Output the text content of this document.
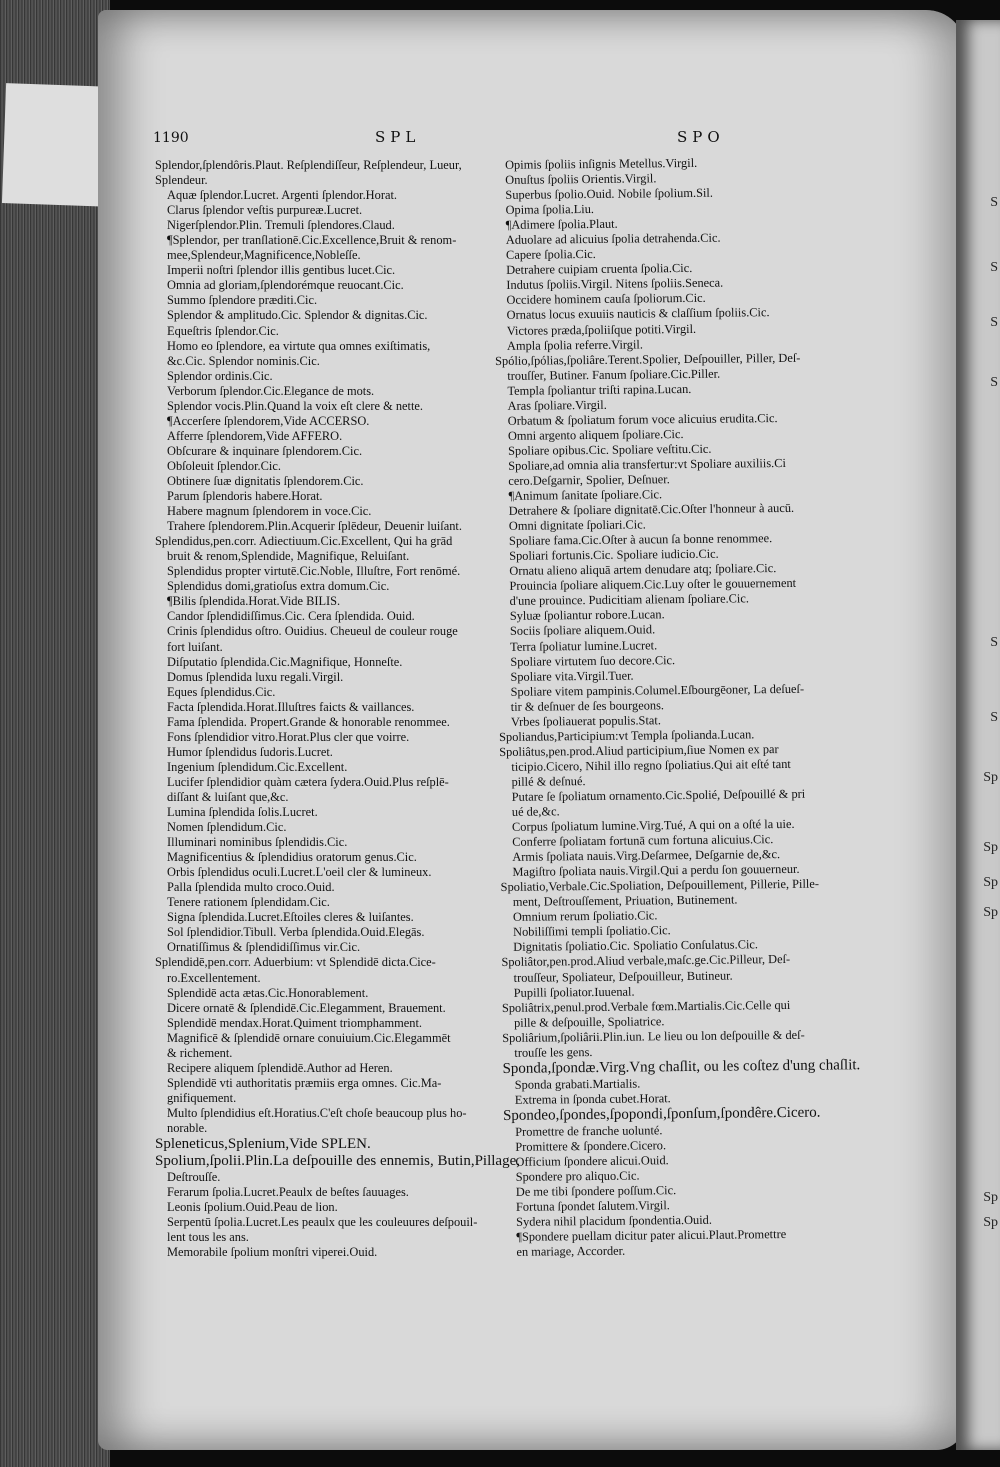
1190	SPL	SPO
Splendor,ſplendôris.Plaut. Reſplendiſſeur, Reſplendeur, Lueur,
Splendeur.
Aquæ ſplendor.Lucret. Argenti ſplendor.Horat.
Clarus ſplendor veſtis purpureæ.Lucret.
Nigerſplendor.Plin. Tremuli ſplendores.Claud.
¶Splendor, per tranſlationē.Cic.Excellence,Bruit & renom-
mee,Splendeur,Magnificence,Nobleſſe.
Imperii noſtri ſplendor illis gentibus lucet.Cic.
Omnia ad gloriam,ſplendorémque reuocant.Cic.
Summo ſplendore præditi.Cic.
Splendor & amplitudo.Cic. Splendor & dignitas.Cic.
Equeſtris ſplendor.Cic.
Homo eo ſplendore, ea virtute qua omnes exiſtimatis,
&c.Cic. Splendor nominis.Cic.
Splendor ordinis.Cic.
Verborum ſplendor.Cic.Elegance de mots.
Splendor vocis.Plin.Quand la voix eſt clere & nette.
¶Accerſere ſplendorem,Vide ACCERSO.
Afferre ſplendorem,Vide AFFERO.
Obſcurare & inquinare ſplendorem.Cic.
Obſoleuit ſplendor.Cic.
Obtinere ſuæ dignitatis ſplendorem.Cic.
Parum ſplendoris habere.Horat.
Habere magnum ſplendorem in voce.Cic.
Trahere ſplendorem.Plin.Acquerir ſplēdeur, Deuenir luiſant.
Splendidus,pen.corr. Adiectiuum.Cic.Excellent, Qui ha grād
bruit & renom,Splendide, Magnifique, Reluiſant.
Splendidus propter virtutē.Cic.Noble, Illuſtre, Fort renōmé.
Splendidus domi,gratioſus extra domum.Cic.
¶Bilis ſplendida.Horat.Vide BILIS.
Candor ſplendidiſſimus.Cic. Cera ſplendida. Ouid.
Crinis ſplendidus oſtro. Ouidius. Cheueul de couleur rouge
fort luiſant.
Diſputatio ſplendida.Cic.Magnifique, Honneſte.
Domus ſplendida luxu regali.Virgil.
Eques ſplendidus.Cic.
Facta ſplendida.Horat.Illuſtres faicts & vaillances.
Fama ſplendida. Propert.Grande & honorable renommee.
Fons ſplendidior vitro.Horat.Plus cler que voirre.
Humor ſplendidus ſudoris.Lucret.
Ingenium ſplendidum.Cic.Excellent.
Lucifer ſplendidior quàm cætera ſydera.Ouid.Plus reſplē-
diſſant & luiſant que,&c.
Lumina ſplendida ſolis.Lucret.
Nomen ſplendidum.Cic.
Illuminari nominibus ſplendidis.Cic.
Magnificentius & ſplendidius oratorum genus.Cic.
Orbis ſplendidus oculi.Lucret.L'oeil cler & lumineux.
Palla ſplendida multo croco.Ouid.
Tenere rationem ſplendidam.Cic.
Signa ſplendida.Lucret.Eſtoiles cleres & luiſantes.
Sol ſplendidior.Tibull. Verba ſplendida.Ouid.Elegās.
Ornatiſſimus & ſplendidiſſimus vir.Cic.
Splendidē,pen.corr. Aduerbium: vt Splendidē dicta.Cice-
ro.Excellentement.
Splendidē acta ætas.Cic.Honorablement.
Dicere ornatē & ſplendidē.Cic.Elegamment, Brauement.
Splendidē mendax.Horat.Quiment triomphamment.
Magnificē & ſplendidē ornare conuiuium.Cic.Elegammēt
& richement.
Recipere aliquem ſplendidē.Author ad Heren.
Splendidē vti authoritatis præmiis erga omnes. Cic.Ma-
gnifiquement.
Multo ſplendidius eſt.Horatius.C'eſt choſe beaucoup plus ho-
norable.
Spleneticus,Splenium,Vide SPLEN.
Spolium,ſpolii.Plin.La deſpouille des ennemis, Butin,Pillage,
Deſtrouſſe.
Ferarum ſpolia.Lucret.Peaulx de beſtes ſauuages.
Leonis ſpolium.Ouid.Peau de lion.
Serpentū ſpolia.Lucret.Les peaulx que les couleuures deſpouil-
lent tous les ans.
Memorabile ſpolium monſtri viperei.Ouid.
Opimis ſpoliis inſignis Metellus.Virgil.
Onuſtus ſpoliis Orientis.Virgil.
Superbus ſpolio.Ouid. Nobile ſpolium.Sil.
Opima ſpolia.Liu.
¶Adimere ſpolia.Plaut.
Aduolare ad alicuius ſpolia detrahenda.Cic.
Capere ſpolia.Cic.
Detrahere cuipiam cruenta ſpolia.Cic.
Indutus ſpoliis.Virgil. Nitens ſpoliis.Seneca.
Occidere hominem cauſa ſpoliorum.Cic.
Ornatus locus exuuiis nauticis & claſſium ſpoliis.Cic.
Victores præda,ſpoliiſque potiti.Virgil.
Ampla ſpolia referre.Virgil.
Spólio,ſpólias,ſpoliâre.Terent.Spolier, Deſpouiller, Piller, Deſ-
trouſſer, Butiner. Fanum ſpoliare.Cic.Piller.
Templa ſpoliantur triſti rapina.Lucan.
Aras ſpoliare.Virgil.
Orbatum & ſpoliatum forum voce alicuius erudita.Cic.
Omni argento aliquem ſpoliare.Cic.
Spoliare opibus.Cic. Spoliare veſtitu.Cic.
Spoliare,ad omnia alia transfertur:vt Spoliare auxiliis.Ci
cero.Deſgarnir, Spolier, Deſnuer.
¶Animum ſanitate ſpoliare.Cic.
Detrahere & ſpoliare dignitatē.Cic.Oſter l'honneur à aucū.
Omni dignitate ſpoliari.Cic.
Spoliare fama.Cic.Oſter à aucun ſa bonne renommee.
Spoliari fortunis.Cic. Spoliare iudicio.Cic.
Ornatu alieno aliquā artem denudare atq; ſpoliare.Cic.
Prouincia ſpoliare aliquem.Cic.Luy oſter le gouuernement
d'une prouince. Pudicitiam alienam ſpoliare.Cic.
Syluæ ſpoliantur robore.Lucan.
Sociis ſpoliare aliquem.Ouid.
Terra ſpoliatur lumine.Lucret.
Spoliare virtutem ſuo decore.Cic.
Spoliare vita.Virgil.Tuer.
Spoliare vitem pampinis.Columel.Eſbourgēoner, La deſueſ-
tir & deſnuer de ſes bourgeons.
Vrbes ſpoliauerat populis.Stat.
Spoliandus,Participium:vt Templa ſpolianda.Lucan.
Spoliâtus,pen.prod.Aliud participium,ſiue Nomen ex par
ticipio.Cicero, Nihil illo regno ſpoliatius.Qui ait eſté tant
pillé & deſnué.
Putare ſe ſpoliatum ornamento.Cic.Spolié, Deſpouillé & pri
ué de,&c.
Corpus ſpoliatum lumine.Virg.Tué, A qui on a oſté la uie.
Conferre ſpoliatam fortunā cum fortuna alicuius.Cic.
Armis ſpoliata nauis.Virg.Deſarmee, Deſgarnie de,&c.
Magiſtro ſpoliata nauis.Virgil.Qui a perdu ſon gouuerneur.
Spoliatio,Verbale.Cic.Spoliation, Deſpouillement, Pillerie, Pille-
ment, Deſtrouſſement, Priuation, Butinement.
Omnium rerum ſpoliatio.Cic.
Nobiliſſimi templi ſpoliatio.Cic.
Dignitatis ſpoliatio.Cic. Spoliatio Conſulatus.Cic.
Spoliâtor,pen.prod.Aliud verbale,maſc.ge.Cic.Pilleur, Deſ-
trouſſeur, Spoliateur, Deſpouilleur, Butineur.
Pupilli ſpoliator.Iuuenal.
Spoliâtrix,penul.prod.Verbale fœm.Martialis.Cic.Celle qui
pille & deſpouille, Spoliatrice.
Spoliârium,ſpoliârii.Plin.iun. Le lieu ou lon deſpouille & deſ-
trouſſe les gens.
Sponda,ſpondæ.Virg.Vng chaſlit, ou les coſtez d'ung chaſlit.
Sponda grabati.Martialis.
Extrema in ſponda cubet.Horat.
Spondeo,ſpondes,ſpopondi,ſponſum,ſpondêre.Cicero.
Promettre de franche uolunté.
Promittere & ſpondere.Cicero.
Officium ſpondere alicui.Ouid.
Spondere pro aliquo.Cic.
De me tibi ſpondere poſſum.Cic.
Fortuna ſpondet ſalutem.Virgil.
Sydera nihil placidum ſpondentia.Ouid.
¶Spondere puellam dicitur pater alicui.Plaut.Promettre
en mariage, Accorder.
S
S
S
S
S
S
Sp
Sp
Sp
Sp
Sp
Sp
